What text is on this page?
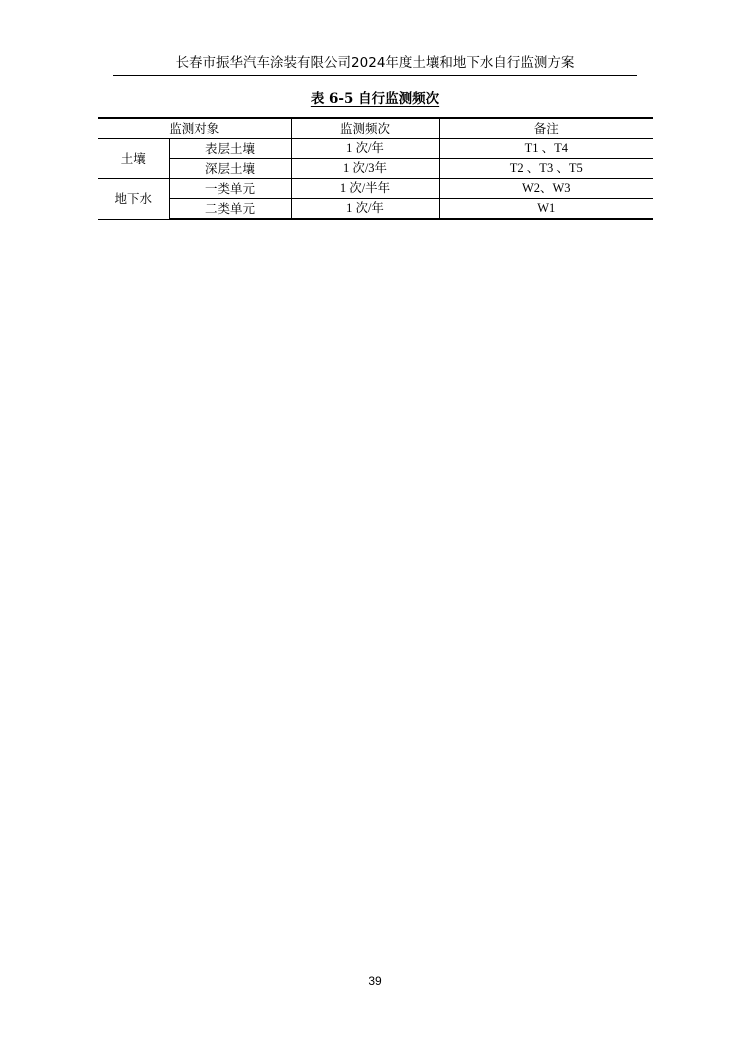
长春市振华汽车涂装有限公司2024年度土壤和地下水自行监测方案
表 6-5 自行监测频次
监测对象		监测频次	备注
土壤	表层土壤	1 次/年	T1 、T4
	深层土壤	1 次/3年	T2 、T3 、T5
地下水	一类单元	1 次/半年	W2、W3
	二类单元	1 次/年	W1
39
